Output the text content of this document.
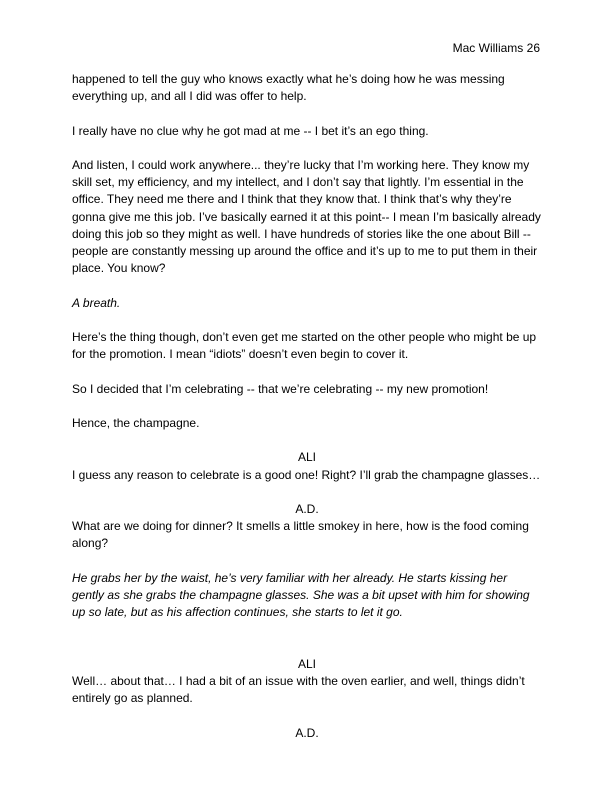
Mac Williams 26

happened to tell the guy who knows exactly what he’s doing how he was messing everything up, and all I did was offer to help.

I really have no clue why he got mad at me -- I bet it’s an ego thing.

And listen, I could work anywhere... they’re lucky that I’m working here. They know my skill set, my efficiency, and my intellect, and I don’t say that lightly. I’m essential in the office. They need me there and I think that they know that. I think that’s why they’re gonna give me this job. I’ve basically earned it at this point-- I mean I’m basically already doing this job so they might as well. I have hundreds of stories like the one about Bill -- people are constantly messing up around the office and it’s up to me to put them in their place. You know?

A breath.

Here’s the thing though, don’t even get me started on the other people who might be up for the promotion. I mean “idiots” doesn’t even begin to cover it.

So I decided that I’m celebrating -- that we’re celebrating -- my new promotion!

Hence, the champagne.

ALI

I guess any reason to celebrate is a good one! Right? I’ll grab the champagne glasses…

A.D.

What are we doing for dinner? It smells a little smokey in here, how is the food coming along?

He grabs her by the waist, he’s very familiar with her already. He starts kissing her gently as she grabs the champagne glasses. She was a bit upset with him for showing up so late, but as his affection continues, she starts to let it go.

ALI

Well… about that… I had a bit of an issue with the oven earlier, and well, things didn’t entirely go as planned.

A.D.
